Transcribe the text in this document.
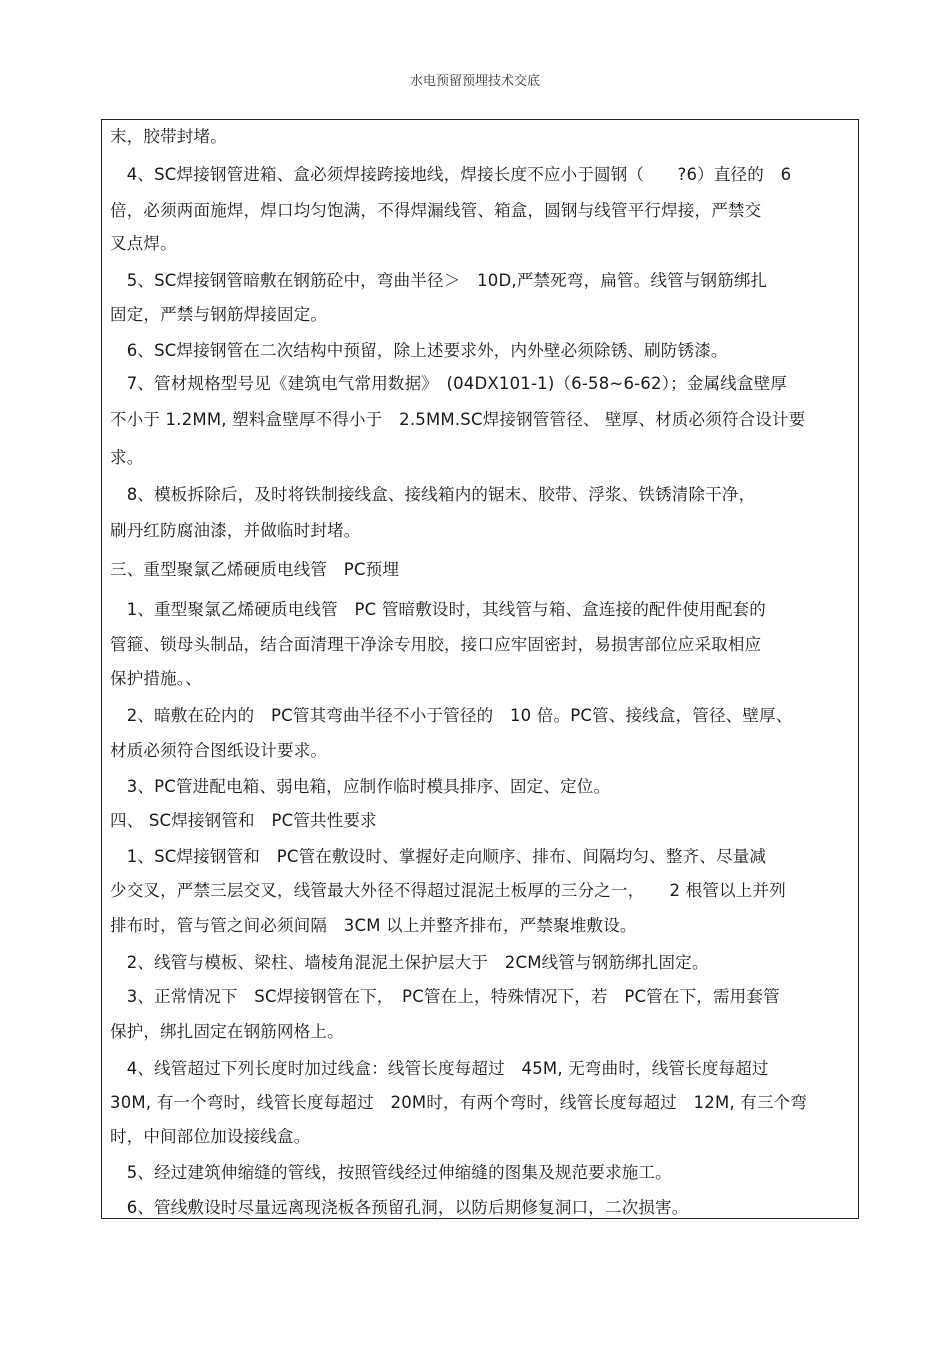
水电预留预埋技术交底
末，胶带封堵。
　4、SC焊接钢管进箱、盒必须焊接跨接地线，焊接长度不应小于圆钢（　　?6）直径的　6
倍，必须两面施焊，焊口均匀饱满，不得焊漏线管、箱盒，圆钢与线管平行焊接，严禁交
叉点焊。
　5、SC焊接钢管暗敷在钢筋砼中，弯曲半径＞　10D,严禁死弯，扁管。线管与钢筋绑扎
固定，严禁与钢筋焊接固定。
　6、SC焊接钢管在二次结构中预留，除上述要求外，内外壁必须除锈、刷防锈漆。
　7、管材规格型号见《建筑电气常用数据》　(04DX101-1)（6-58~6-62）；金属线盒壁厚
不小于 1.2MM, 塑料盒壁厚不得小于　2.5MM.SC焊接钢管管径、 壁厚、材质必须符合设计要
求。
　8、模板拆除后，及时将铁制接线盒、接线箱内的锯末、胶带、浮浆、铁锈清除干净，
刷丹红防腐油漆，并做临时封堵。
三、重型聚氯乙烯硬质电线管　PC预埋
　1、重型聚氯乙烯硬质电线管　PC 管暗敷设时，其线管与箱、盒连接的配件使用配套的
管箍、锁母头制品，结合面清理干净涂专用胶，接口应牢固密封，易损害部位应采取相应
保护措施。、
　2、暗敷在砼内的　PC管其弯曲半径不小于管径的　10 倍。PC管、接线盒，管径、壁厚、
材质必须符合图纸设计要求。
　3、PC管进配电箱、弱电箱，应制作临时模具排序、固定、定位。
四、 SC焊接钢管和　PC管共性要求
　1、SC焊接钢管和　PC管在敷设时、掌握好走向顺序、排布、间隔均匀、整齐、尽量减
少交叉，严禁三层交叉，线管最大外径不得超过混泥土板厚的三分之一，　　2 根管以上并列
排布时，管与管之间必须间隔　3CM 以上并整齐排布，严禁聚堆敷设。
　2、线管与模板、梁柱、墙棱角混泥土保护层大于　2CM线管与钢筋绑扎固定。
　3、正常情况下　SC焊接钢管在下，　PC管在上，特殊情况下，若　PC管在下，需用套管
保护，绑扎固定在钢筋网格上。
　4、线管超过下列长度时加过线盒：线管长度每超过　45M, 无弯曲时，线管长度每超过
30M, 有一个弯时，线管长度每超过　20M时，有两个弯时，线管长度每超过　12M, 有三个弯
时，中间部位加设接线盒。
　5、经过建筑伸缩缝的管线，按照管线经过伸缩缝的图集及规范要求施工。
　6、管线敷设时尽量远离现浇板各预留孔洞，以防后期修复洞口，二次损害。
